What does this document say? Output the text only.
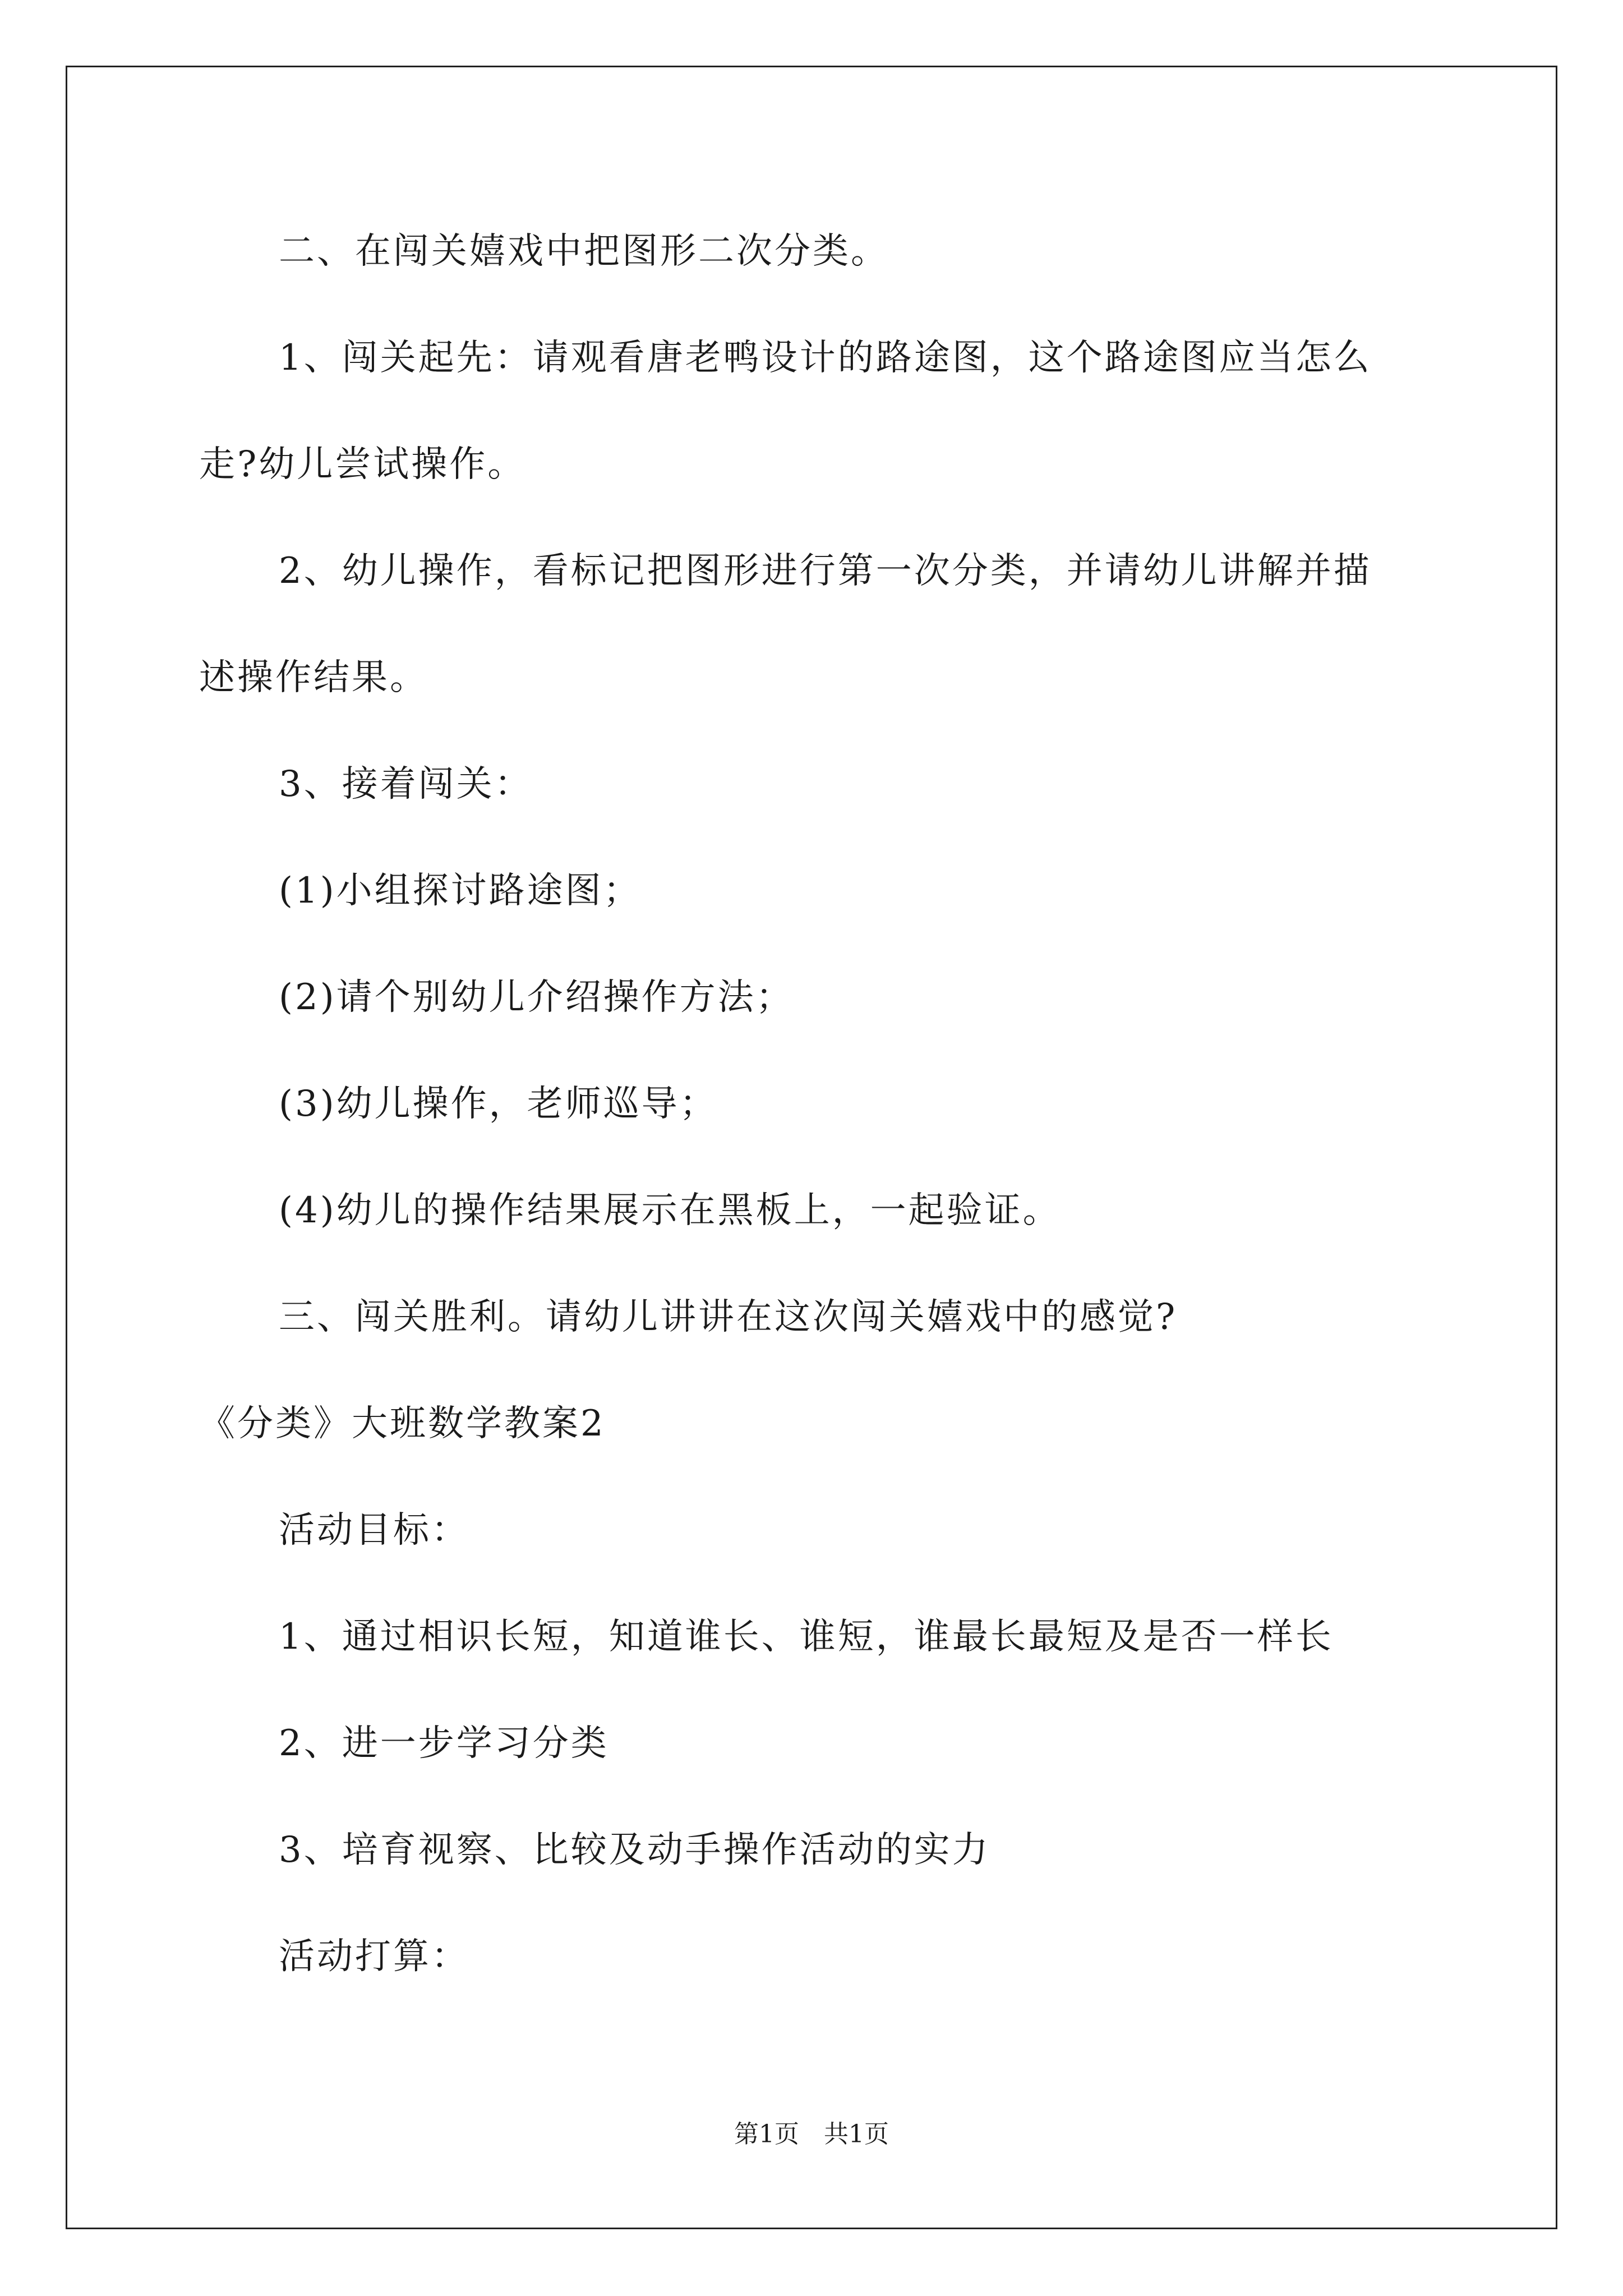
二、在闯关嬉戏中把图形二次分类。
1、闯关起先：请观看唐老鸭设计的路途图，这个路途图应当怎么
走?幼儿尝试操作。
2、幼儿操作，看标记把图形进行第一次分类，并请幼儿讲解并描
述操作结果。
3、接着闯关：
(1)小组探讨路途图；
(2)请个别幼儿介绍操作方法；
(3)幼儿操作，老师巡导；
(4)幼儿的操作结果展示在黑板上，一起验证。
三、闯关胜利。请幼儿讲讲在这次闯关嬉戏中的感觉?
《分类》大班数学教案2
活动目标：
1、通过相识长短，知道谁长、谁短，谁最长最短及是否一样长
2、进一步学习分类
3、培育视察、比较及动手操作活动的实力
活动打算：
第1页　共1页
